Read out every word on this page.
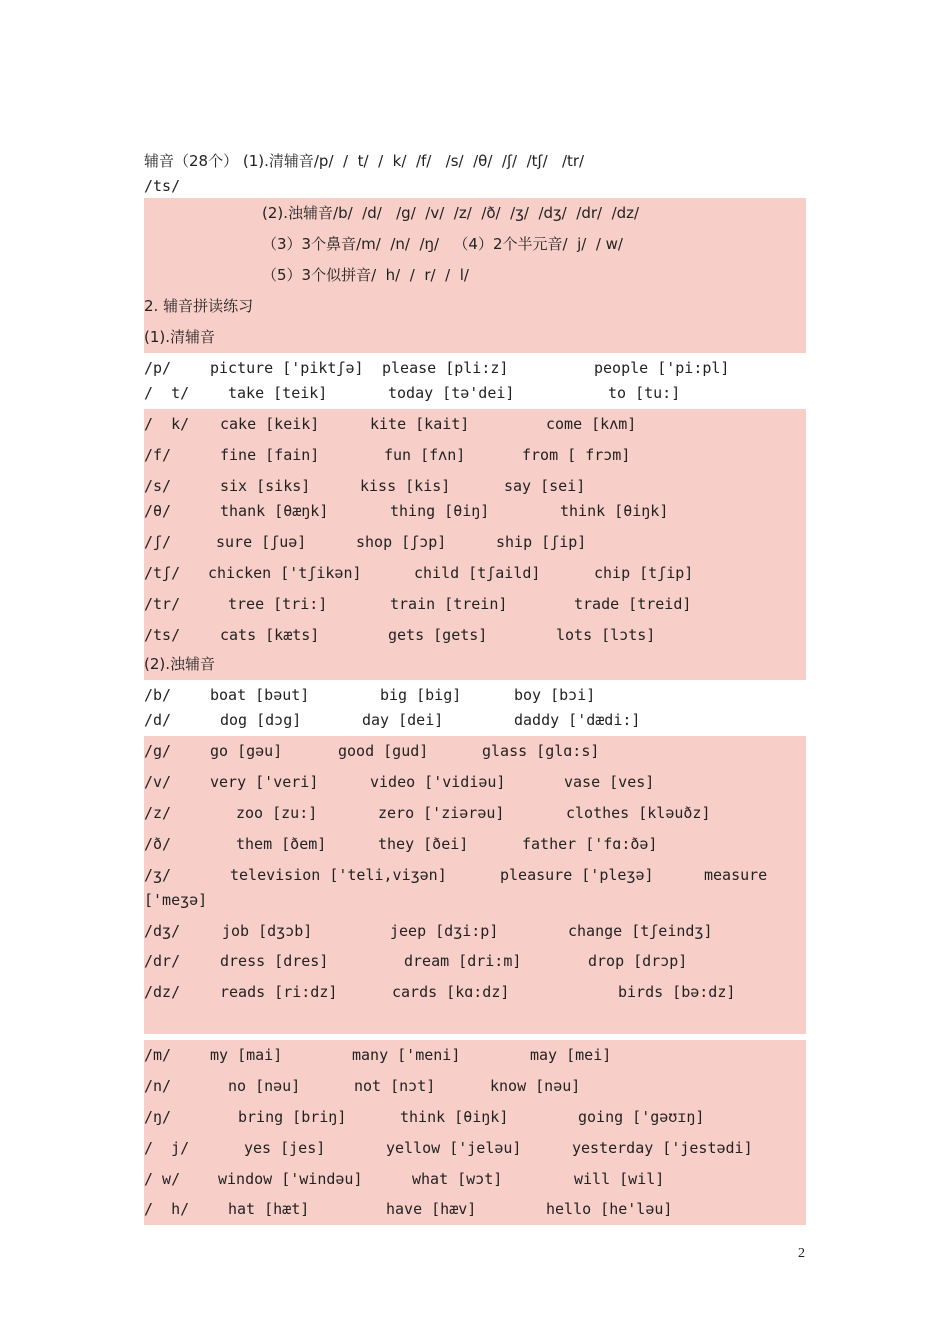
辅音（28个） (1).清辅音/p/  /  t/  /  k/  /f/   /s/  /θ/  /ʃ/  /tʃ/   /tr/
/ts/
(2).浊辅音/b/  /d/   /g/  /v/  /z/  /ð/  /ʒ/  /dʒ/  /dr/  /dz/
（3）3个鼻音/m/  /n/  /ŋ/   （4）2个半元音/  j/  / w/
（5）3个似拼音/  h/  /  r/  /  l/
2. 辅音拼读练习
(1).清辅音
/p/	picture ['piktʃə] please [pli:z]	people ['pi:pl]
/  t/	take [teik]	today [tə'dei]	to [tu:]
/  k/ cake [keik]	kite [kait]	come [kʌm]
/f/	fine [fain]	fun [fʌn]	from [ frɔm]
/s/	six [siks]	kiss [kis]	say [sei]
/θ/	thank [θæŋk]	thing [θiŋ]	think [θiŋk]
/ʃ/	sure [ʃuə]	shop [ʃɔp]	ship [ʃip]
/tʃ/ chicken ['tʃikən]	child [tʃaild]	chip [tʃip]
/tr/	tree [tri:]	train [trein]	trade [treid]
/ts/	cats [kæts]	gets [gets]	lots [lɔts]
(2).浊辅音
/b/	boat [bəut]	big [big]	boy [bɔi]
/d/	dog [dɔg]	day [dei]	daddy ['dædi:]
/g/	go [gəu]	good [gud]	glass [glɑ:s]
/v/	very ['veri]	video ['vidiəu]	vase [ves]
/z/	zoo [zu:]	zero ['ziərəu]	clothes [kləuðz]
/ð/	them [ðem]	they [ðei]	father ['fɑ:ðə]
/ʒ/	television ['teli,viʒən]	pleasure ['pleʒə]	measure
['meʒə]
/dʒ/	job [dʒɔb]	jeep [dʒi:p]	change [tʃeindʒ]
/dr/	dress [dres]	dream [dri:m]	drop [drɔp]
/dz/	reads [ri:dz]	cards [kɑ:dz]	birds [bə:dz]
/m/	my [mai]	many ['meni]	may [mei]
/n/	no [nəu]	not [nɔt]	know [nəu]
/ŋ/	bring [briŋ]	think [θiŋk]	going ['gəʊɪŋ]
/  j/	yes [jes]	yellow ['jeləu]	yesterday ['jestədi]
/ w/	window ['windəu]	what [wɔt]	will [wil]
/  h/	hat [hæt]	have [hæv]	hello [he'ləu]
2
